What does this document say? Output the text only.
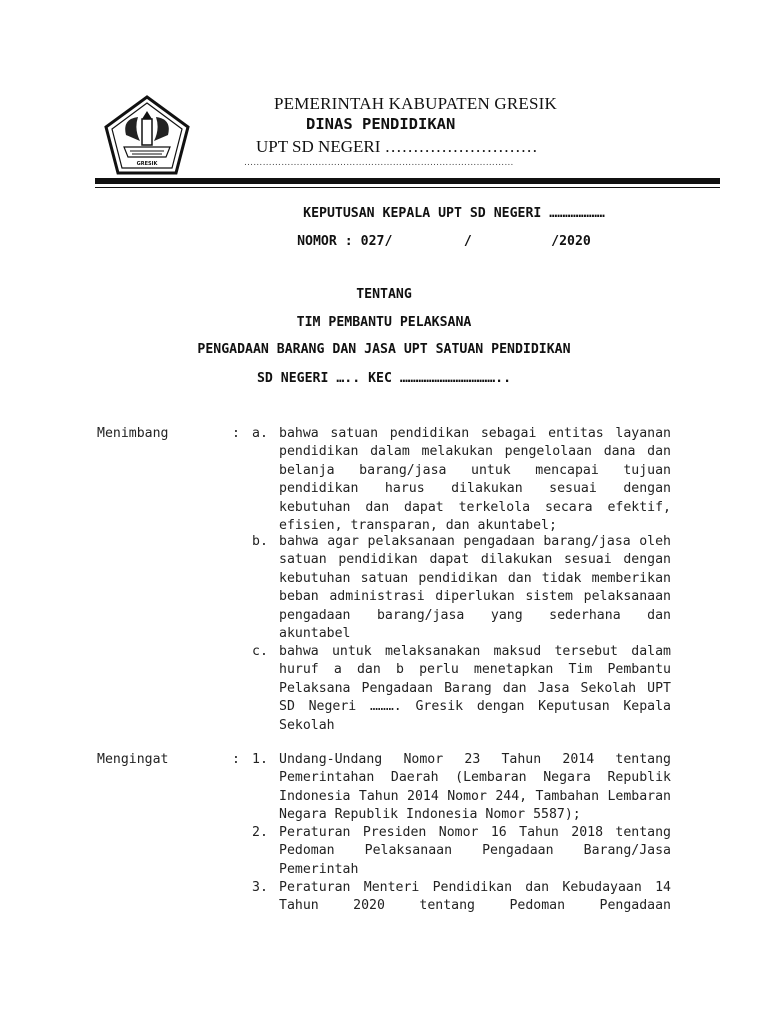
GRESIK
PEMERINTAH KABUPATEN GRESIK
DINAS PENDIDIKAN
UPT SD NEGERI ………………………
……………………………………………………………………………
KEPUTUSAN KEPALA UPT SD NEGERI …………………
NOMOR : 027/         /          /2020
TENTANG
TIM PEMBANTU PELAKSANA
PENGADAAN BARANG DAN JASA UPT SATUAN PENDIDIKAN
SD NEGERI ….. KEC ………………………………..
Menimbang	: a. bahwa satuan pendidikan sebagai entitas layanan pendidikan dalam melakukan pengelolaan dana dan belanja barang/jasa untuk mencapai tujuan pendidikan harus dilakukan sesuai dengan kebutuhan dan dapat terkelola secara efektif, efisien, transparan, dan akuntabel;
b. bahwa agar pelaksanaan pengadaan barang/jasa oleh satuan pendidikan dapat dilakukan sesuai dengan kebutuhan satuan pendidikan dan tidak memberikan beban administrasi diperlukan sistem pelaksanaan pengadaan barang/jasa yang sederhana dan akuntabel
c. bahwa untuk melaksanakan maksud tersebut dalam huruf a dan b perlu menetapkan Tim Pembantu Pelaksana Pengadaan Barang dan Jasa Sekolah UPT SD Negeri ………. Gresik dengan Keputusan Kepala Sekolah
Mengingat	: 1. Undang-Undang Nomor 23 Tahun 2014 tentang Pemerintahan Daerah (Lembaran Negara Republik Indonesia Tahun 2014 Nomor 244, Tambahan Lembaran Negara Republik Indonesia Nomor 5587);
2. Peraturan Presiden Nomor 16 Tahun 2018 tentang Pedoman Pelaksanaan Pengadaan Barang/Jasa Pemerintah
3. Peraturan Menteri Pendidikan dan Kebudayaan 14 Tahun 2020 tentang Pedoman Pengadaan
